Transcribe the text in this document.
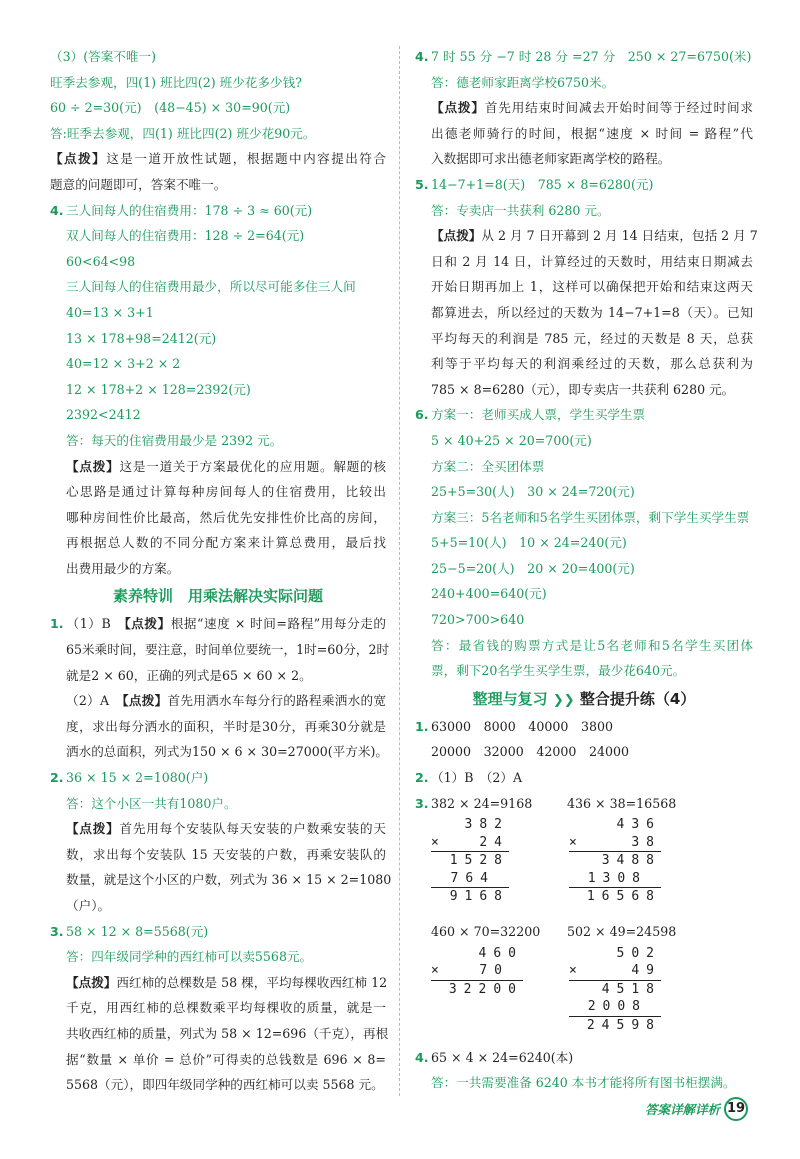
（3）(答案不唯一)
旺季去参观，四(1) 班比四(2) 班少花多少钱?
60 ÷ 2=30(元)　(48−45) × 30=90(元)
答:旺季去参观，四(1) 班比四(2) 班少花90元。
【点拨】这是一道开放性试题，根据题中内容提出符合
题意的问题即可，答案不唯一。
4. 三人间每人的住宿费用：178 ÷ 3 ≈ 60(元)
双人间每人的住宿费用：128 ÷ 2=64(元)
60<64<98
三人间每人的住宿费用最少，所以尽可能多住三人间
40=13 × 3+1
13 × 178+98=2412(元)
40=12 × 3+2 × 2
12 × 178+2 × 128=2392(元)
2392<2412
答：每天的住宿费用最少是 2392 元。
【点拨】这是一道关于方案最优化的应用题。解题的核
心思路是通过计算每种房间每人的住宿费用，比较出
哪种房间性价比最高，然后优先安排性价比高的房间，
再根据总人数的不同分配方案来计算总费用，最后找
出费用最少的方案。
素养特训　用乘法解决实际问题
1. （1）B　【点拨】根据“速度 × 时间=路程”用每分走的
65米乘时间，要注意，时间单位要统一，1时=60分，2时
就是2 × 60，正确的列式是65 × 60 × 2。
（2）A　【点拨】首先用洒水车每分行的路程乘洒水的宽
度，求出每分洒水的面积，半时是30分，再乘30分就是
洒水的总面积，列式为150 × 6 × 30=27000(平方米)。
2. 36 × 15 × 2=1080(户)
答：这个小区一共有1080户。
【点拨】首先用每个安装队每天安装的户数乘安装的天
数，求出每个安装队 15 天安装的户数，再乘安装队的
数量，就是这个小区的户数，列式为 36 × 15 × 2=1080
（户）。
3. 58 × 12 × 8=5568(元)
答：四年级同学种的西红柿可以卖5568元。
【点拨】西红柿的总棵数是 58 棵，平均每棵收西红柿 12
千克，用西红柿的总棵数乘平均每棵收的质量，就是一
共收西红柿的质量，列式为 58 × 12=696（千克），再根
据“数量 × 单价 = 总价”可得卖的总钱数是 696 × 8=
5568（元），即四年级同学种的西红柿可以卖 5568 元。
4. 7 时 55 分 −7 时 28 分 =27 分　250 × 27=6750(米)
答：德老师家距离学校6750米。
【点拨】首先用结束时间减去开始时间等于经过时间求
出德老师骑行的时间，根据“速度 × 时间 = 路程”代
入数据即可求出德老师家距离学校的路程。
5. 14−7+1=8(天)　785 × 8=6280(元)
答：专卖店一共获利 6280 元。
【点拨】从 2 月 7 日开幕到 2 月 14 日结束，包括 2 月 7
日和 2 月 14 日，计算经过的天数时，用结束日期减去
开始日期再加上 1，这样可以确保把开始和结束这两天
都算进去，所以经过的天数为 14−7+1=8（天）。已知
平均每天的利润是 785 元，经过的天数是 8 天，总获
利等于平均每天的利润乘经过的天数，那么总获利为
785 × 8=6280（元），即专卖店一共获利 6280 元。
6. 方案一：老师买成人票，学生买学生票
5 × 40+25 × 20=700(元)
方案二：全买团体票
25+5=30(人)　30 × 24=720(元)
方案三：5名老师和5名学生买团体票，剩下学生买学生票
5+5=10(人)　10 × 24=240(元)
25−5=20(人)　20 × 20=400(元)
240+400=640(元)
720>700>640
答：最省钱的购票方式是让5名老师和5名学生买团体
票，剩下20名学生买学生票，最少花640元。
整理与复习 ❯❯ 整合提升练（4）
1. 63000　8000　40000　3800
20000　32000　42000　24000
2. （1）B　（2）A
3. 382 × 24=9168	436 × 38=16568
382
×	24
1528
764
9168
436
×	38
3488
1308
16568
460 × 70=32200 502 × 49=24598
460
×	70
32200
502
×	49
4518
2008
24598
4. 65 × 4 × 24=6240(本)
答：一共需要准备 6240 本书才能将所有图书柜摆满。
答案详解详析 19
